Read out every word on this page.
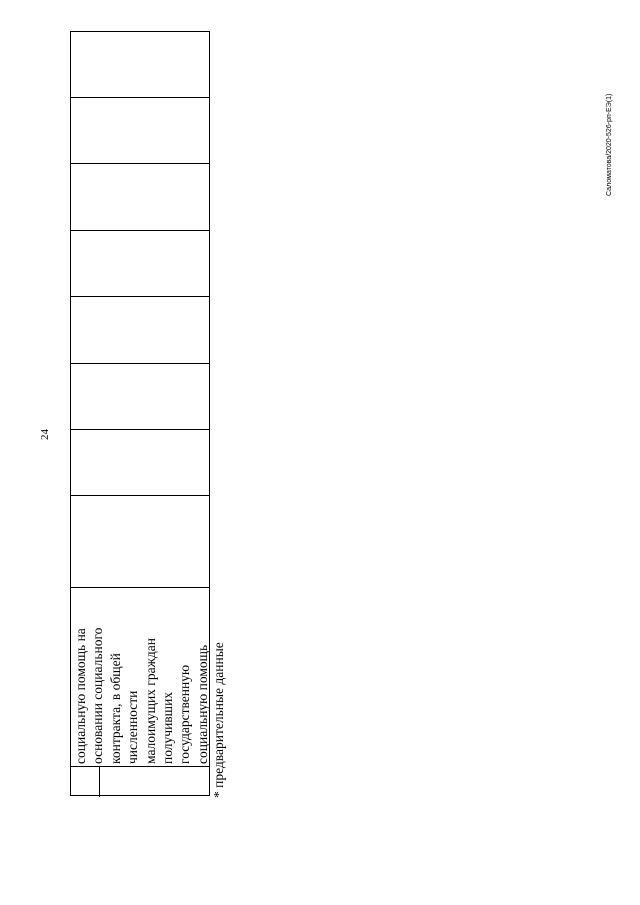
24
Саломатова/2020-526-рп-ЕЭ(1)
социальную помощь на основании социального контракта, в общей численности малоимущих граждан получивших государственную социальную помощь * предварительные данные
